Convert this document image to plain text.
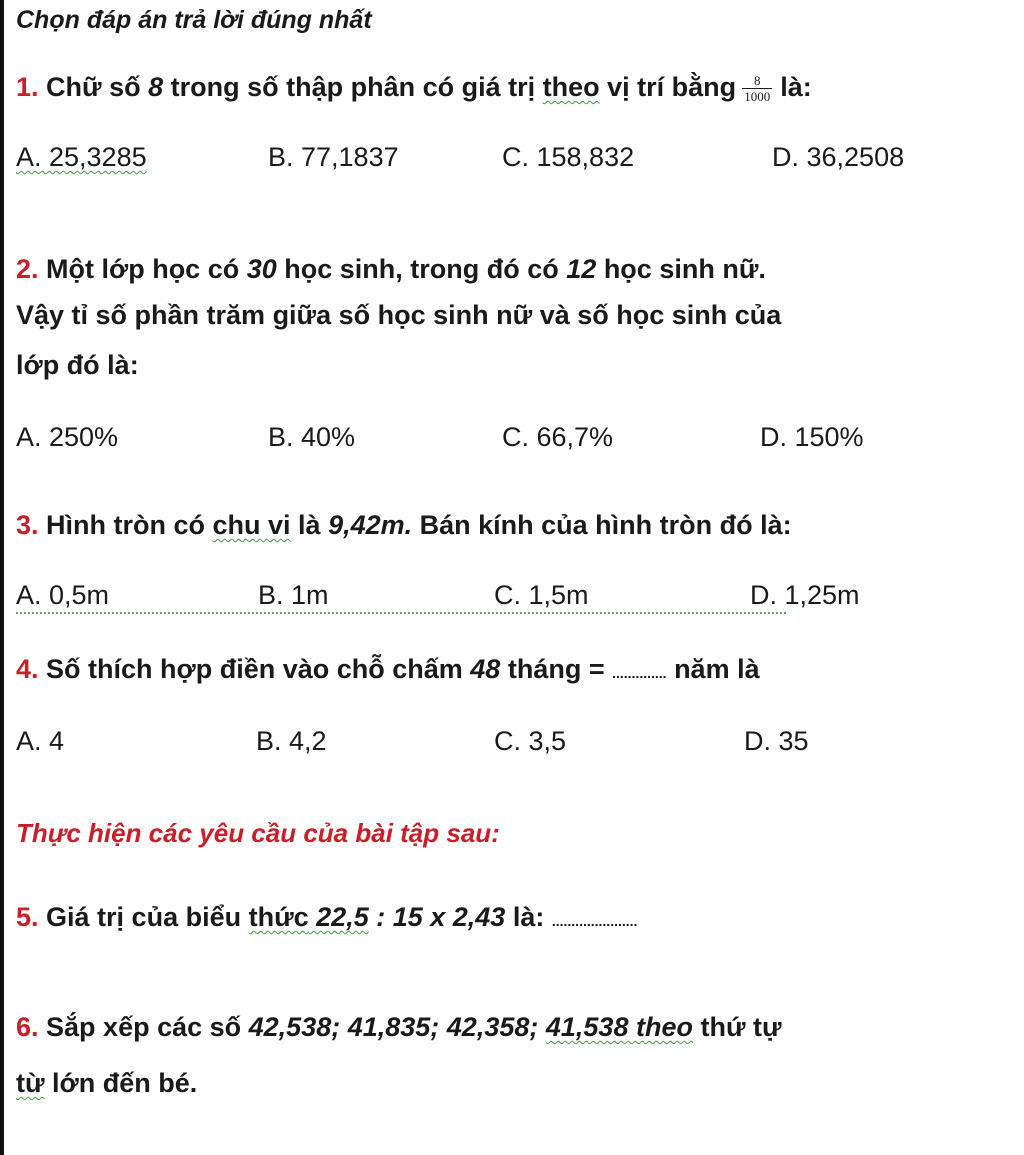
Chọn đáp án trả lời đúng nhất
1. Chữ số 8 trong số thập phân có giá trị theo vị trí bằng $\frac{8}{1000}$ là:
A. 25,3285	B. 77,1837	C. 158,832	D. 36,2508
2. Một lớp học có 30 học sinh, trong đó có 12 học sinh nữ.
Vậy tỉ số phần trăm giữa số học sinh nữ và số học sinh của
lớp đó là:
A. 250%	B. 40%	C. 66,7%	D. 150%
3. Hình tròn có chu vi là 9,42m. Bán kính của hình tròn đó là:
A. 0,5m	B. 1m	C. 1,5m	D. 1,25m
4. Số thích hợp điền vào chỗ chấm 48 tháng = .............. năm là
A. 4	B. 4,2	C. 3,5	D. 35
Thực hiện các yêu cầu của bài tập sau:
5. Giá trị của biểu thức 22,5 : 15 x 2,43 là: ......................
6. Sắp xếp các số 42,538; 41,835; 42,358; 41,538 theo thứ tự
từ lớn đến bé.
